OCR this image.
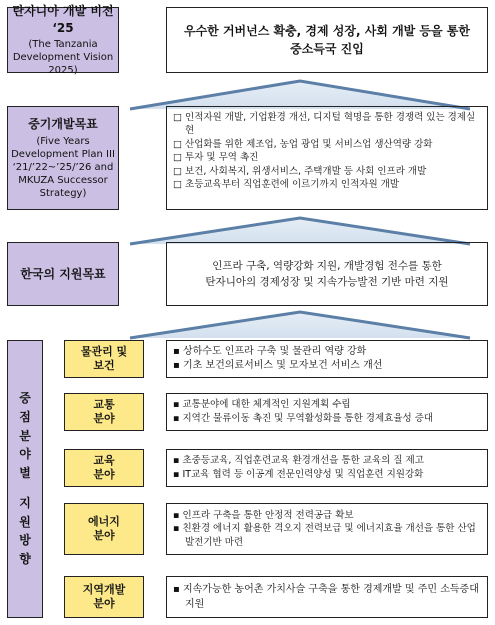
탄자니아 개발 비전 ‘25
(The Tanzania
Development Vision
2025)
우수한 거버넌스 확충, 경제 성장, 사회 개발 등을 통한
중소득국 진입
중기개발목표
(Five Years
Development Plan III
‘21/’22~’25/’26 and
MKUZA Successor
Strategy)
□ 인적자원 개발, 기업환경 개선, 디지털 혁명을 통한 경쟁력 있는 경제실현
□ 산업화를 위한 제조업, 농업 광업 및 서비스업 생산역량 강화
□ 투자 및 무역 촉진
□ 보건, 사회복지, 위생서비스, 주택개발 등 사회 인프라 개발
□ 초등교육부터 직업훈련에 이르기까지 인적자원 개발
한국의 지원목표
인프라 구축, 역량강화 지원, 개발경험 전수를 통한
탄자니아의 경제성장 및 지속가능발전 기반 마련 지원
중
점
분
야
별
지
원
방
향
물관리 및
보건
▪ 상하수도 인프라 구축 및 물관리 역량 강화
▪ 기초 보건의료서비스 및 모자보건 서비스 개선
교통
분야
▪ 교통분야에 대한 체계적인 지원계획 수립
▪ 지역간 물류이동 촉진 및 무역활성화를 통한 경제효율성 증대
교육
분야
▪ 초중등교육, 직업훈련교육 환경개선을 통한 교육의 질 제고
▪ IT교육 협력 등 이공계 전문인력양성 및 직업훈련 지원강화
에너지
분야
▪ 인프라 구축을 통한 안정적 전력공급 확보
▪ 친환경 에너지 활용한 격오지 전력보급 및 에너지효율 개선을 통한 산업발전기반 마련
지역개발
분야
▪ 지속가능한 농어촌 가치사슬 구축을 통한 경제개발 및 주민 소득증대 지원
